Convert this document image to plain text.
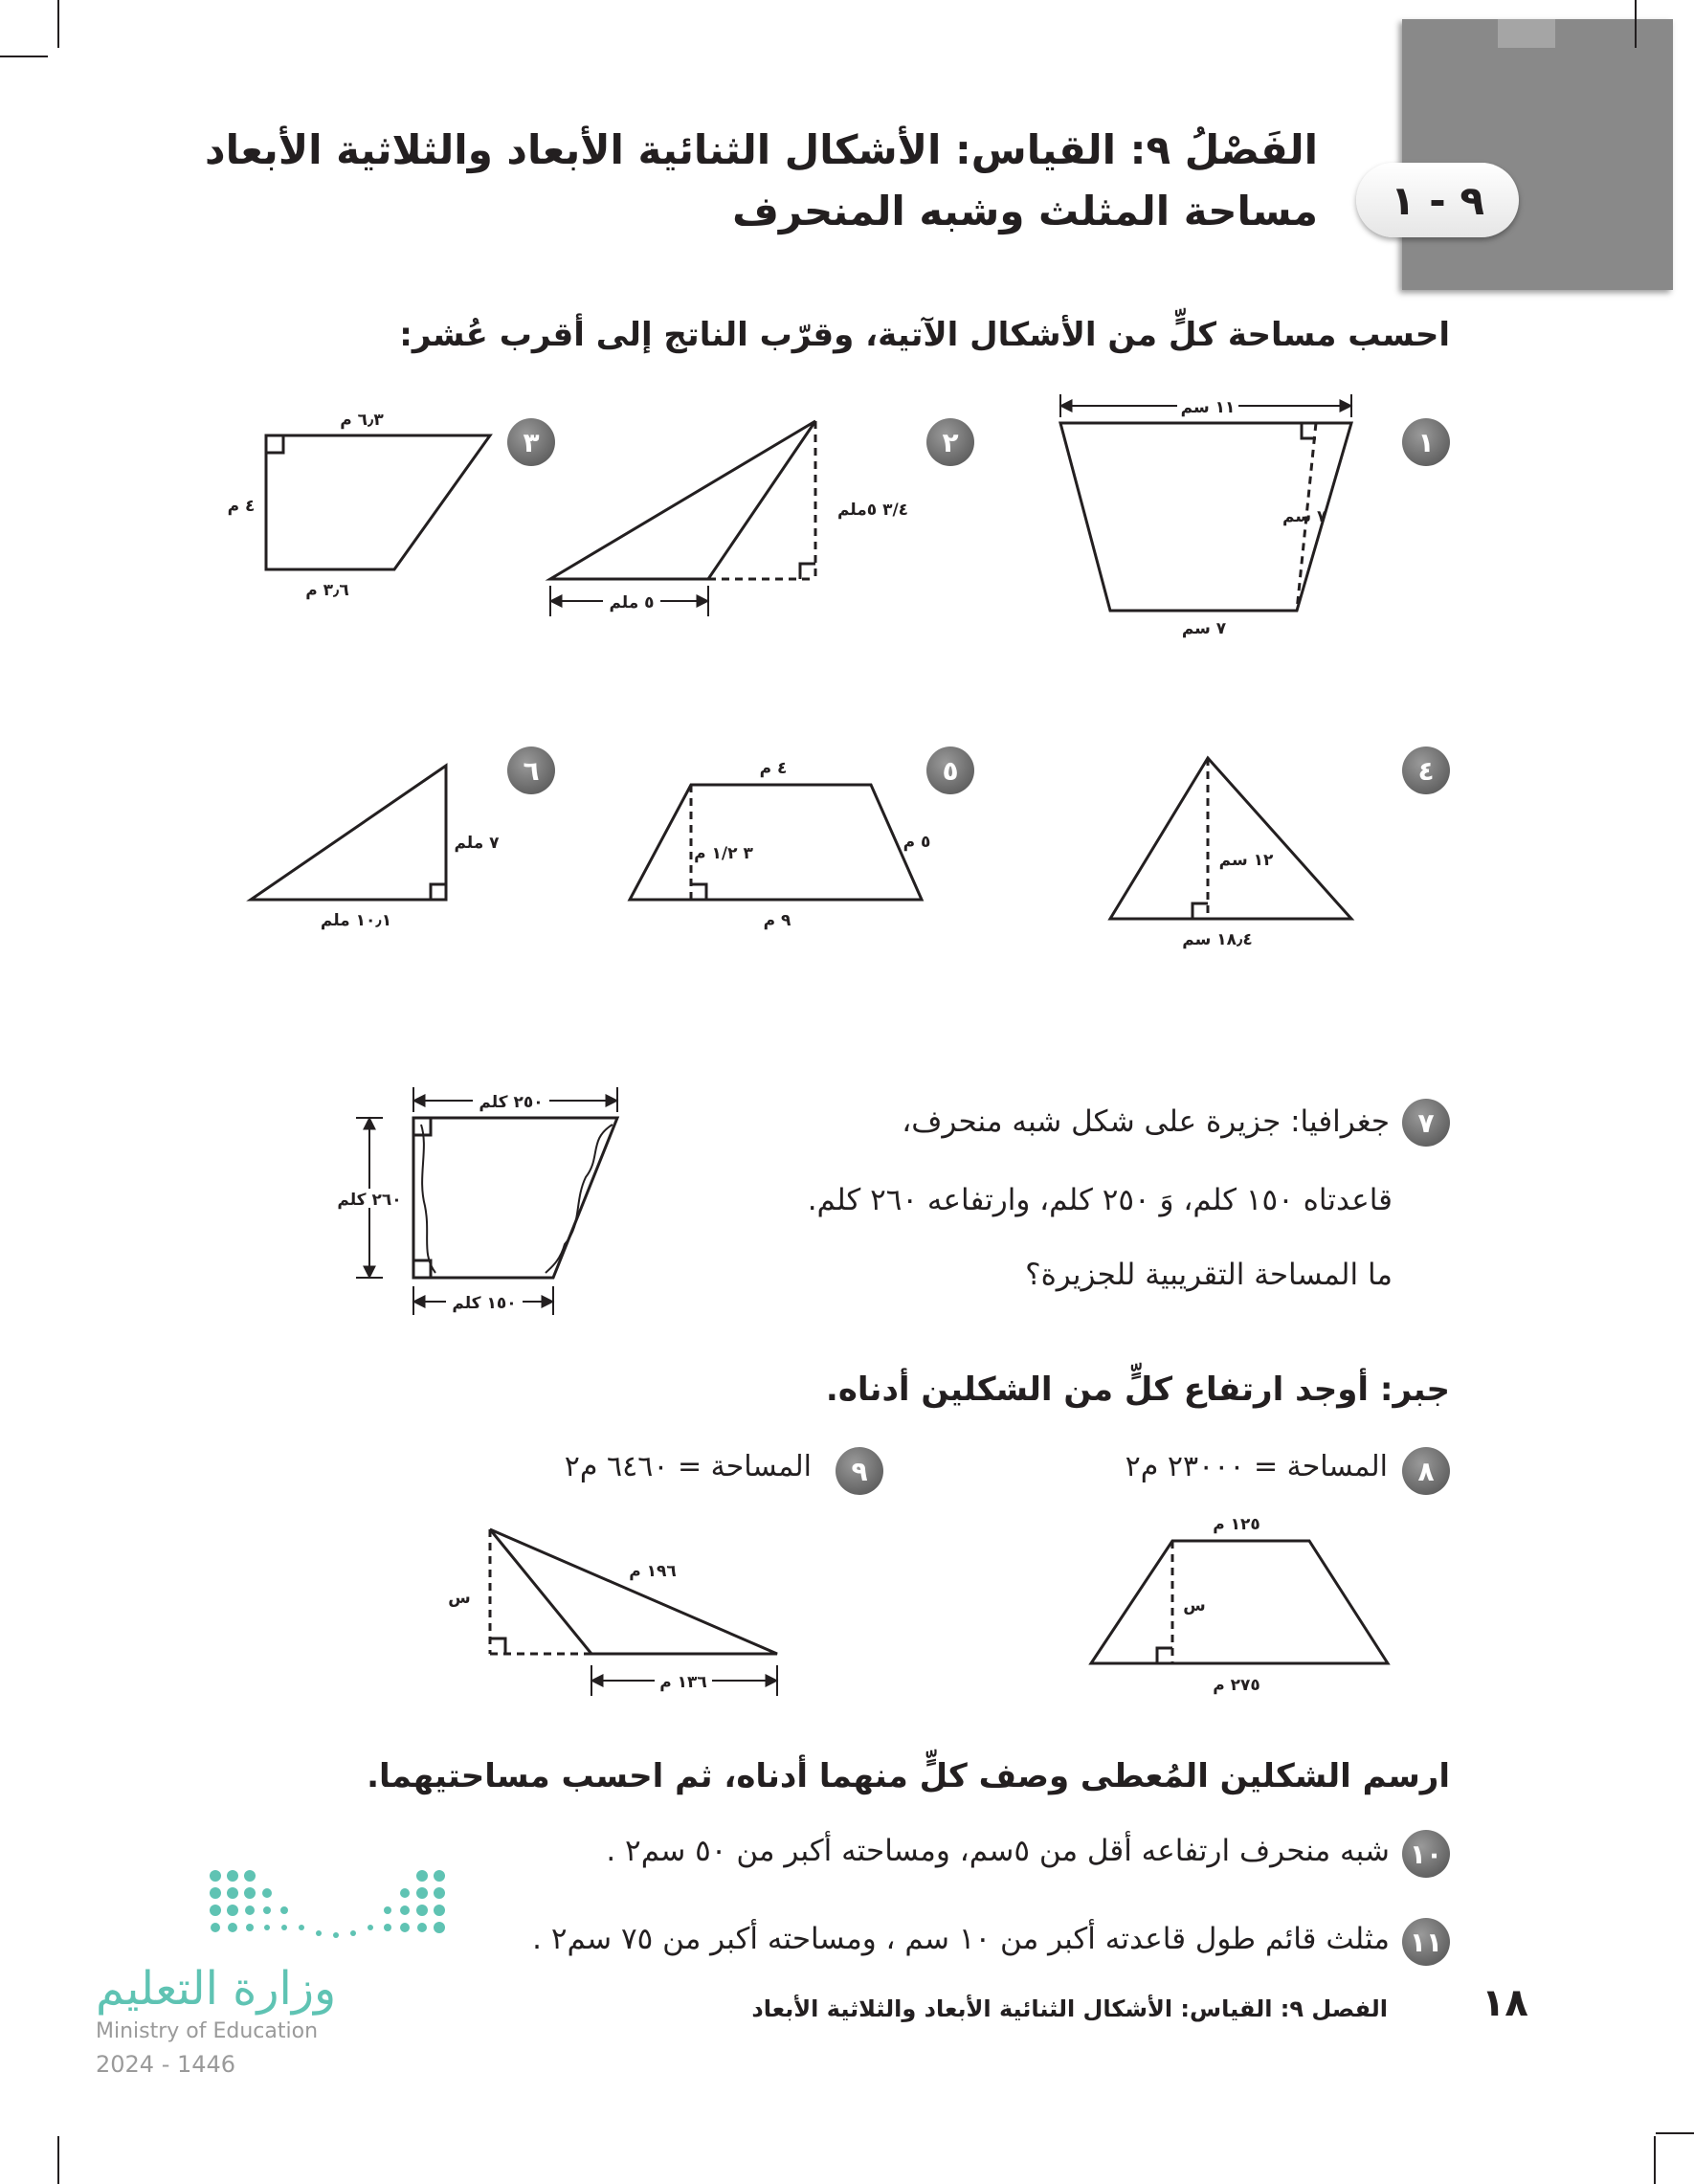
الفَصْلُ ٩: القياس: الأشكال الثنائية الأبعاد والثلاثية الأبعاد
مساحة المثلث وشبه المنحرف	٩ - ١
احسب مساحة كلٍّ من الأشكال الآتية، وقرّب الناتج إلى أقرب عُشر:
١
٢
٣
٤
٥
٦
١١ سم
٧ سم
٧ سم
٣/٤ ٥ملم
٥ ملم
٦٫٣ م
٤ م
٣٫٦ م
١٢ سم
١٨٫٤ سم
٤ م
٣ ١/٢ م
٥ م
٩ م
٧ ملم
١٠٫١ ملم
٢٥٠ كلم
٢٦٠ كلم
١٥٠ كلم
١٢٥ م
س
٢٧٥ م
١٩٦ م
س
١٣٦ م
٧
جغرافيا: جزيرة على شكل شبه منحرف،
قاعدتاه ١٥٠ كلم، وَ ٢٥٠ كلم، وارتفاعه ٢٦٠ كلم.
ما المساحة التقريبية للجزيرة؟
جبر: أوجد ارتفاع كلٍّ من الشكلين أدناه.
٨
المساحة = ٢٣٠٠٠ م٢
٩
المساحة = ٦٤٦٠ م٢
ارسم الشكلين المُعطى وصف كلٍّ منهما أدناه، ثم احسب مساحتيهما.
١٠
شبه منحرف ارتفاعه أقل من ٥سم، ومساحته أكبر من ٥٠ سم٢ .
١١
مثلث قائم طول قاعدته أكبر من ١٠ سم ، ومساحته أكبر من ٧٥ سم٢ .
وزارة التعليم
Ministry of Education
2024 - 1446
الفصل ٩: القياس: الأشكال الثنائية الأبعاد والثلاثية الأبعاد ١٨
